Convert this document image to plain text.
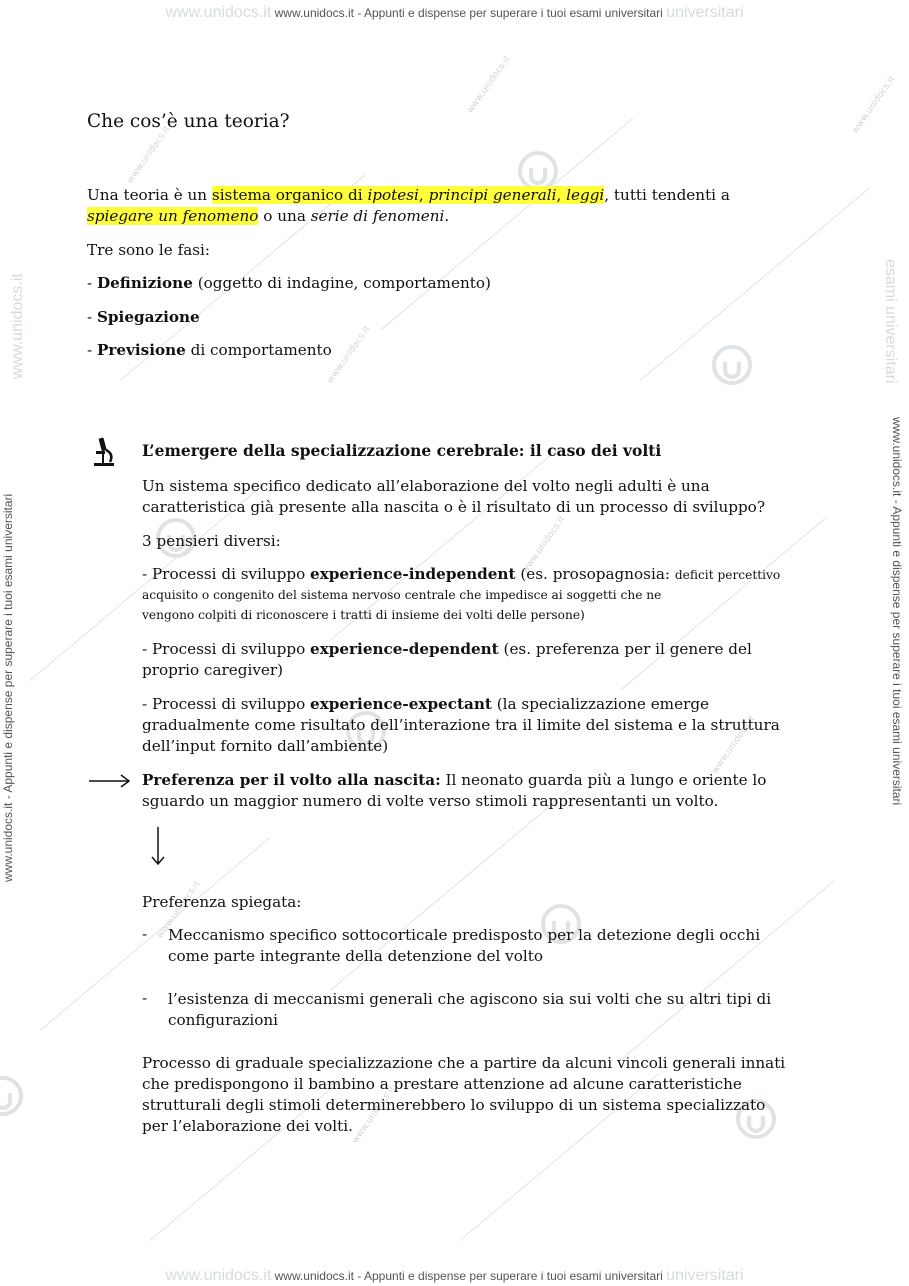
www.unidocs.it
www.unidocs.it
www.unidocs.it
www.unidocs.it
www.unidocs.it
www.unidocs.it
www.unidocs.it
www.unidocs.it
www.unidocs.it www.unidocs.it - Appunti e dispense per superare i tuoi esami universitari universitari
www.unidocs.it www.unidocs.it - Appunti e dispense per superare i tuoi esami universitari universitari
www.unidocs.it - Appunti e dispense per superare i tuoi esami universitari
www.unidocs.it
www.unidocs.it - Appunti e dispense per superare i tuoi esami universitari
esami universitari
Che cos’è una teoria?

Una teoria è un sistema organico di ipotesi, principi generali, leggi, tutti tendenti a

spiegare un fenomeno o una serie di fenomeni.

Tre sono le fasi:

- Definizione (oggetto di indagine, comportamento)

- Spiegazione

- Previsione di comportamento

L’emergere della specializzazione cerebrale: il caso dei volti

Un sistema specifico dedicato all’elaborazione del volto negli adulti è una

caratteristica già presente alla nascita o è il risultato di un processo di sviluppo?

3 pensieri diversi:

- Processi di sviluppo experience-independent (es. prosopagnosia: deficit percettivo

acquisito o congenito del sistema nervoso centrale che impedisce ai soggetti che ne

vengono colpiti di riconoscere i tratti di insieme dei volti delle persone)

- Processi di sviluppo experience-dependent (es. preferenza per il genere del

proprio caregiver)

- Processi di sviluppo experience-expectant (la specializzazione emerge

gradualmente come risultato dell’interazione tra il limite del sistema e la struttura

dell’input fornito dall’ambiente)

Preferenza per il volto alla nascita: Il neonato guarda più a lungo e oriente lo

sguardo un maggior numero di volte verso stimoli rappresentanti un volto.

Preferenza spiegata:

- Meccanismo specifico sottocorticale predisposto per la detezione degli occhi

come parte integrante della detenzione del volto

- l’esistenza di meccanismi generali che agiscono sia sui volti che su altri tipi di

configurazioni

Processo di graduale specializzazione che a partire da alcuni vincoli generali innati

che predispongono il bambino a prestare attenzione ad alcune caratteristiche

strutturali degli stimoli determinerebbero lo sviluppo di un sistema specializzato

per l’elaborazione dei volti.
